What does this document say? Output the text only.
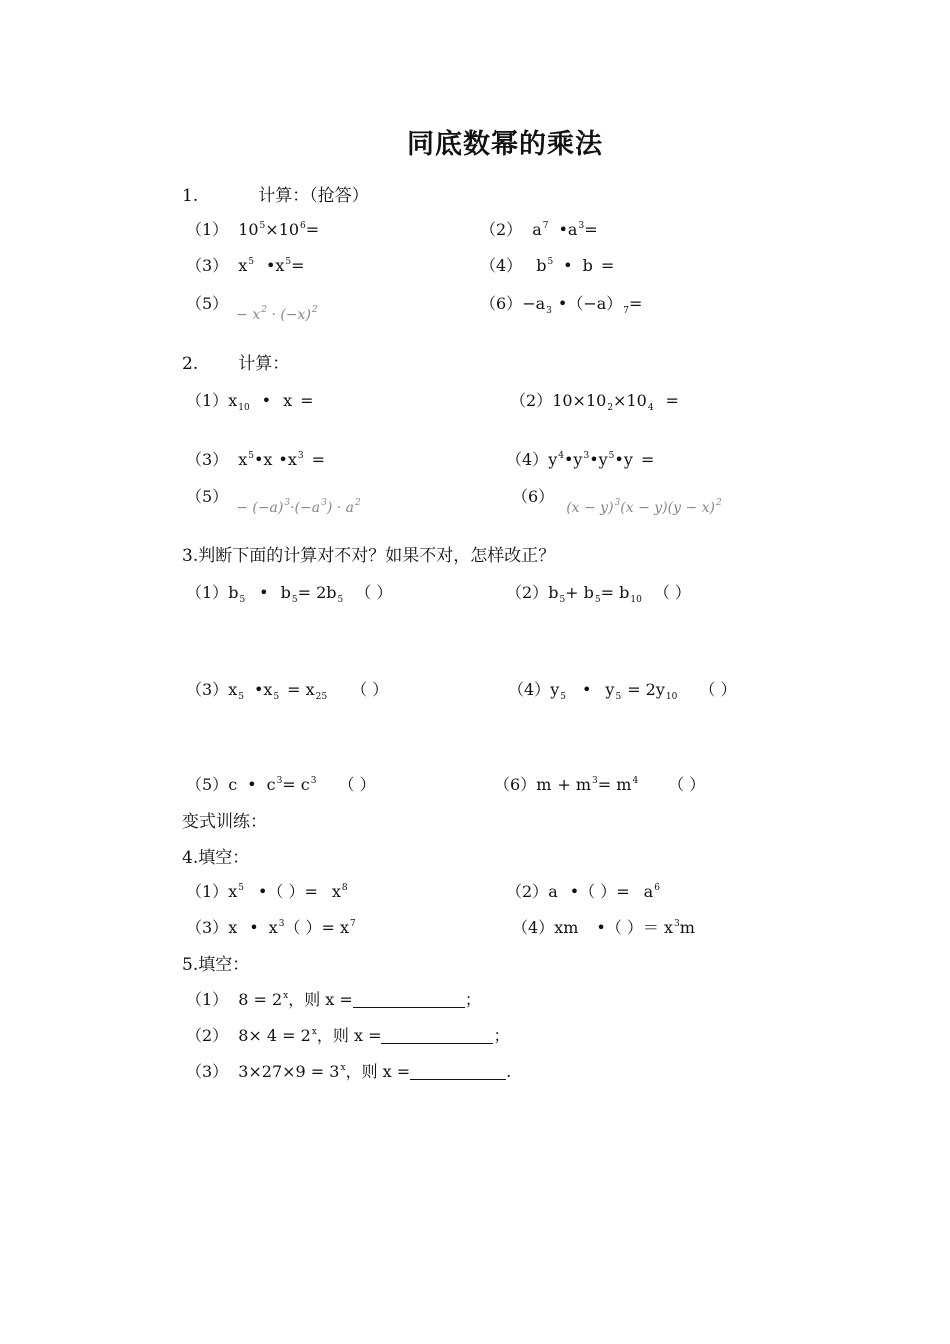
同底数幂的乘法
1.	计算：（抢答）
（1） $10^5\times 10^6=$	（2） $a^7$ $•a^3=$
（3） $x^5$ $•x^5=$	（4） $b^5$ • b =
$(5)- x^2 \cdot (-x)^2$	$(6)-a_3$ $•(-a)_7=$
2. 计算：
$(1)x_{10}$ • x =	$(2)10\times 10_2\times 10_4$ =
（3） $x^5•x$ $•x^3$ =	$(4)y^4•y^3•y^5•y$ =
$(5)- (-a)^3\cdot(-a^3) \cdot a^2$	$(6)(x - y)^3(x - y)(y - x)^2$
3.判断下面的计算对不对？如果不对，怎样改正？
$(1)b_5$ • $b_5= 2b_5$ （ ）	$(2)b_5+ b_5= b_{10}$ （ ）
$(3)x_5$ $•x_5 = x_{25}$ （ ）	$(4)y_5$ • $y_5 = 2y_{10}$ （ ）
（5）c • $c^3= c^3$ （ ）	$(6)m + m^3= m^4$ （ ）
变式训练：
4.填空：
$(1)x^5$ •（ ）= $x^8$	（2）a •（ ）= $a^6$
（3）x • $x^3$（ ）= $x^7$	（4）xm •（ ）＝ $x^3m$
5.填空：
（1） $8 = 2^x$，则 x =	；
（2） $8\times 4 = 2^x$，则 x =	；
（3） $3\times 27\times 9 = 3^x$，则 x =	.
